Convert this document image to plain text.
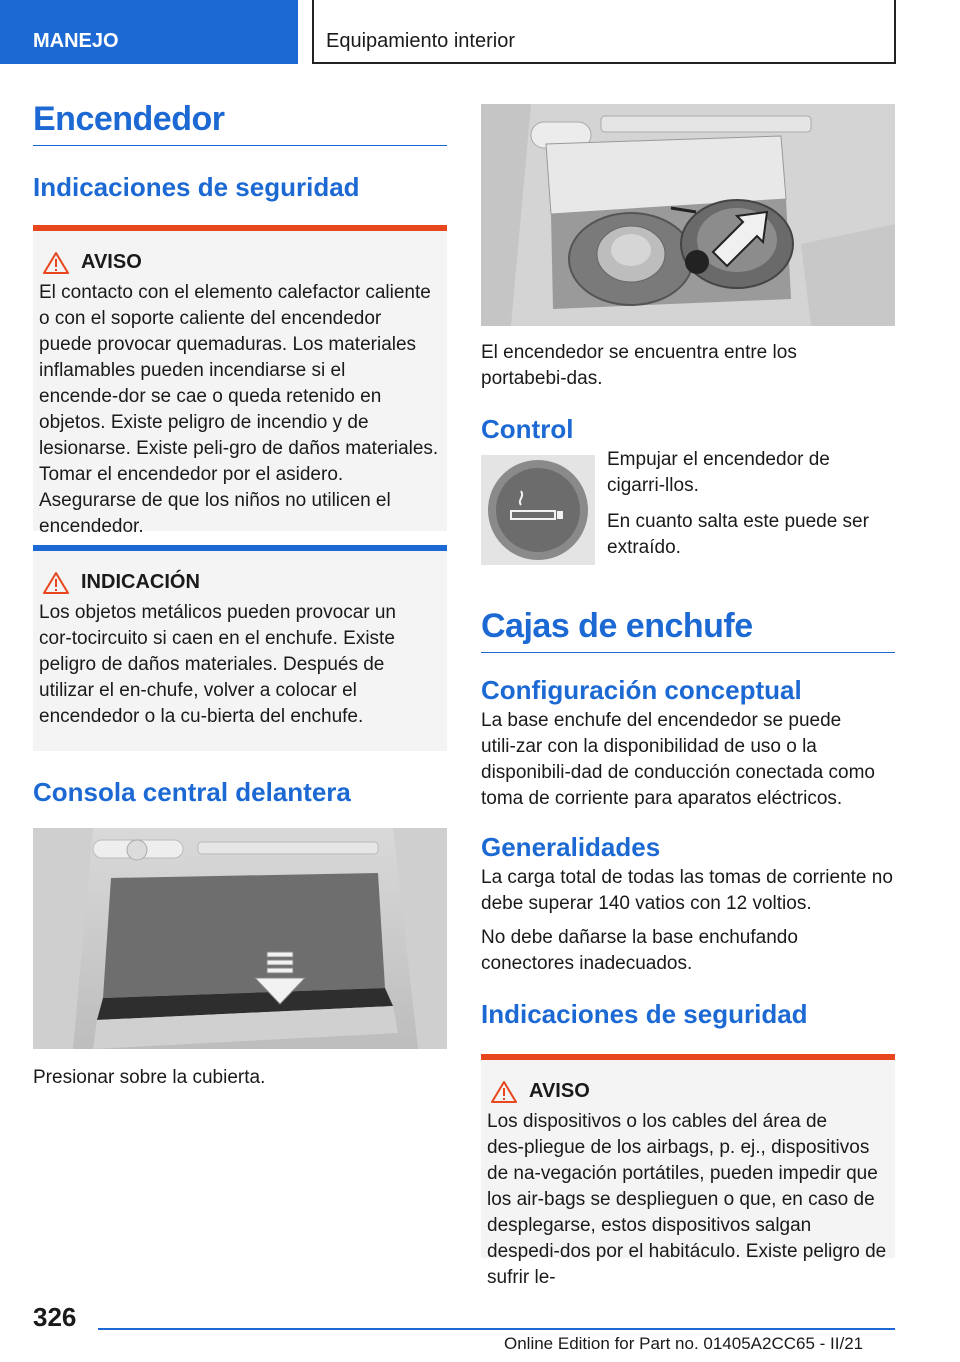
MANEJO	Equipamiento interior
Encendedor
Indicaciones de seguridad
AVISO
El contacto con el elemento calefactor caliente o con el soporte caliente del encendedor puede provocar quemaduras. Los materiales inflamables pueden incendiarse si el encende‑dor se cae o queda retenido en objetos. Existe peligro de incendio y de lesionarse. Existe peli‑gro de daños materiales. Tomar el encendedor por el asidero. Asegurarse de que los niños no utilicen el encendedor.
INDICACIÓN
Los objetos metálicos pueden provocar un cor‑tocircuito si caen en el enchufe. Existe peligro de daños materiales. Después de utilizar el en‑chufe, volver a colocar el encendedor o la cu‑bierta del enchufe.
Consola central delantera

Presionar sobre la cubierta.

El encendedor se encuentra entre los portabebi‑das.

Control

Empujar el encendedor de cigarri‑llos.

En cuanto salta este puede ser extraído.

Cajas de enchufe
Configuración conceptual

La base enchufe del encendedor se puede utili‑zar con la disponibilidad de uso o la disponibili‑dad de conducción conectada como toma de corriente para aparatos eléctricos.

Generalidades

La carga total de todas las tomas de corriente no debe superar 140 vatios con 12 voltios.

No debe dañarse la base enchufando conectores inadecuados.

Indicaciones de seguridad
AVISO
Los dispositivos o los cables del área de des‑pliegue de los airbags, p. ej., dispositivos de na‑vegación portátiles, pueden impedir que los air‑bags se desplieguen o que, en caso de desplegarse, estos dispositivos salgan despedi‑dos por el habitáculo. Existe peligro de sufrir le‑
326
Online Edition for Part no. 01405A2CC65 - II/21
